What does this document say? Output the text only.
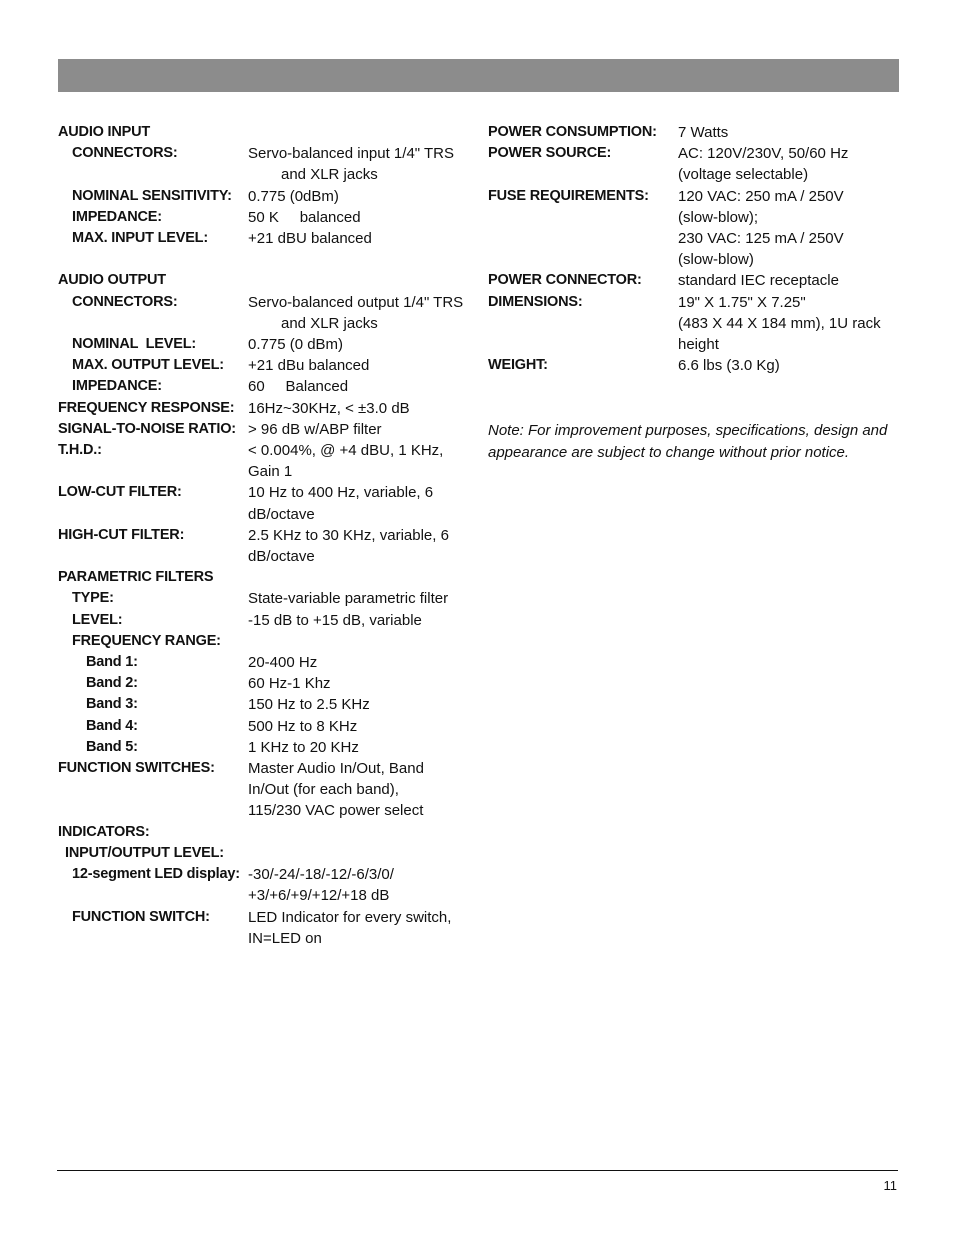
AUDIO INPUT

CONNECTORS:	Servo-balanced input 1/4" TRS
and XLR jacks
NOMINAL SENSITIVITY: 0.775 (0dBm)
IMPEDANCE:	50 K     balanced
MAX. INPUT LEVEL:	+21 dBU balanced
AUDIO OUTPUT

CONNECTORS:	Servo-balanced output 1/4" TRS
and XLR jacks
NOMINAL  LEVEL:	0.775 (0 dBm)
MAX. OUTPUT LEVEL: +21 dBu balanced
IMPEDANCE:	60     Balanced
FREQUENCY RESPONSE: 16Hz~30KHz, < ±3.0 dB
SIGNAL-TO-NOISE RATIO: > 96 dB w/ABP filter
T.H.D.:	< 0.004%, @ +4 dBU, 1 KHz,
Gain 1
LOW-CUT FILTER:	10 Hz to 400 Hz, variable, 6
dB/octave
HIGH-CUT FILTER:	2.5 KHz to 30 KHz, variable, 6
dB/octave
PARAMETRIC FILTERS

TYPE:	State-variable parametric filter
LEVEL:	-15 dB to +15 dB, variable
FREQUENCY RANGE:

Band 1:	20-400 Hz
Band 2:	60 Hz-1 Khz
Band 3:	150 Hz to 2.5 KHz
Band 4:	500 Hz to 8 KHz
Band 5:	1 KHz to 20 KHz
FUNCTION SWITCHES: Master Audio In/Out, Band
In/Out (for each band),
115/230 VAC power select
INDICATORS:

INPUT/OUTPUT LEVEL:

12-segment LED display: -30/-24/-18/-12/-6/3/0/
+3/+6/+9/+12/+18 dB
FUNCTION SWITCH:	LED Indicator for every switch,
IN=LED on
POWER CONSUMPTION: 7 Watts
POWER SOURCE:	AC: 120V/230V, 50/60 Hz
(voltage selectable)
FUSE REQUIREMENTS: 120 VAC: 250 mA / 250V
(slow-blow);
230 VAC: 125 mA / 250V
(slow-blow)
POWER CONNECTOR: standard IEC receptacle
DIMENSIONS:	19" X 1.75" X 7.25"
(483 X 44 X 184 mm), 1U rack
height
WEIGHT:	6.6 lbs (3.0 Kg)
Note: For improvement purposes, specifications, design and appearance are subject to change without prior notice.
11
